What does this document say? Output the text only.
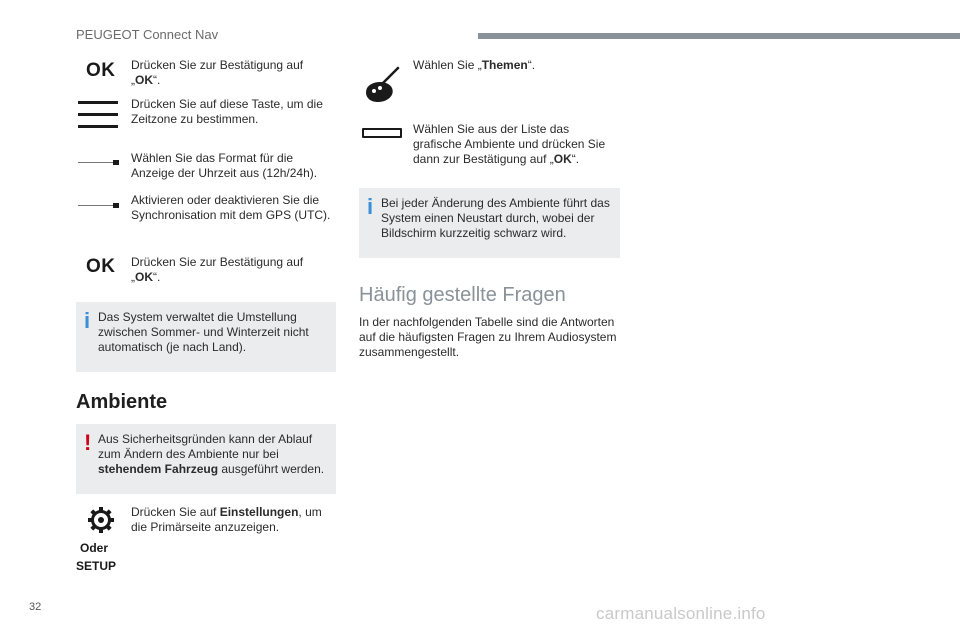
PEUGEOT Connect Nav
OK Drücken Sie zur Bestätigung auf „OK“.
Drücken Sie auf diese Taste, um die Zeitzone zu bestimmen.
Wählen Sie das Format für die Anzeige der Uhrzeit aus (12h/24h).
Aktivieren oder deaktivieren Sie die Synchronisation mit dem GPS (UTC).
OK Drücken Sie zur Bestätigung auf „OK“.
i Das System verwaltet die Umstellung zwischen Sommer- und Winterzeit nicht automatisch (je nach Land).
Ambiente
! Aus Sicherheitsgründen kann der Ablauf zum Ändern des Ambiente nur bei stehendem Fahrzeug ausgeführt werden.
Drücken Sie auf Einstellungen, um die Primärseite anzuzeigen.
Oder
SETUP
Wählen Sie „Themen“.
Wählen Sie aus der Liste das grafische Ambiente und drücken Sie dann zur Bestätigung auf „OK“.
i Bei jeder Änderung des Ambiente führt das System einen Neustart durch, wobei der Bildschirm kurzzeitig schwarz wird.
Häufig gestellte Fragen
In der nachfolgenden Tabelle sind die Antworten auf die häufigsten Fragen zu Ihrem Audiosystem zusammengestellt.
32	carmanualsonline.info
